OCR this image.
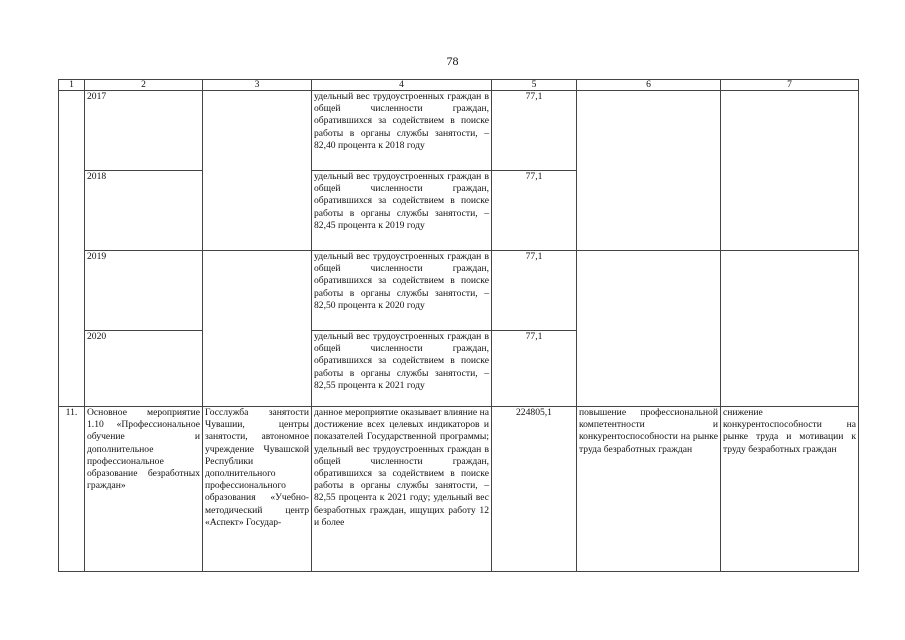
78
1	2	3	4	5	6	7
	2017		удельный вес трудоустроенных граждан в общей численности граждан, обратившихся за содействием в поиске работы в органы службы занятости, – 82,40 процента к 2018 году	77,1		
	2018		удельный вес трудоустроенных граждан в общей численности граждан, обратившихся за содействием в поиске работы в органы службы занятости, – 82,45 процента к 2019 году	77,1		
	2019		удельный вес трудоустроенных граждан в общей численности граждан, обратившихся за содействием в поиске работы в органы службы занятости, – 82,50 процента к 2020 году	77,1		
	2020		удельный вес трудоустроенных граждан в общей численности граждан, обратившихся за содействием в поиске работы в органы службы занятости, – 82,55 процента к 2021 году	77,1		
11.	Основное мероприятие 1.10 «Профессиональное обучение и дополнительное профессиональное образование безработных граждан»	Госслужба занятости Чувашии, центры занятости, автономное учреждение Чувашской Республики дополнительного профессионального образования «Учебно-методический центр «Аспект» Государ-	данное мероприятие оказывает влияние на достижение всех целевых индикаторов и показателей Государственной программы; удельный вес трудоустроенных граждан в общей численности граждан, обратившихся за содействием в поиске работы в органы службы занятости, – 82,55 процента к 2021 году; удельный вес безработных граждан, ищущих работу 12 и более	224805,1	повышение профессиональной компетентности и конкурентоспособности на рынке труда безработных граждан	снижение конкурентоспособности на рынке труда и мотивации к труду безработных граждан
